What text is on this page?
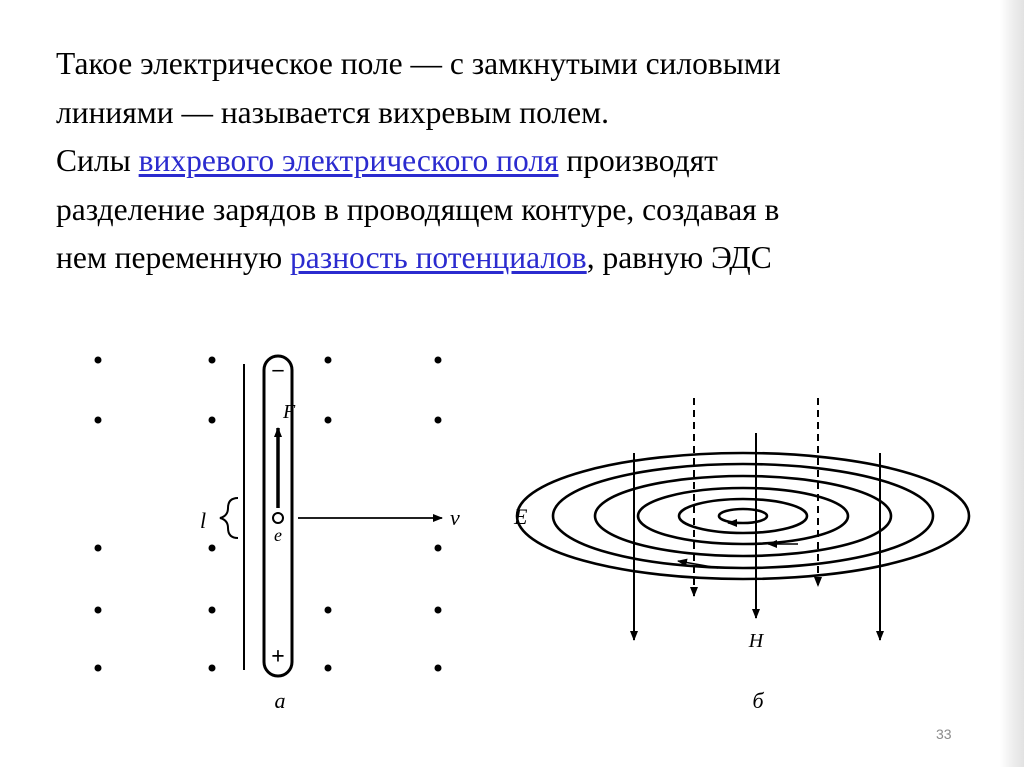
Такое электрическое поле — с замкнутыми силовыми
линиями — называется вихревым полем.
Силы вихревого электрического поля производят
разделение зарядов в проводящем контуре, создавая в
нем переменную разность потенциалов, равную ЭДС
–
+
F
e
v
l
а
E
H
б
33
